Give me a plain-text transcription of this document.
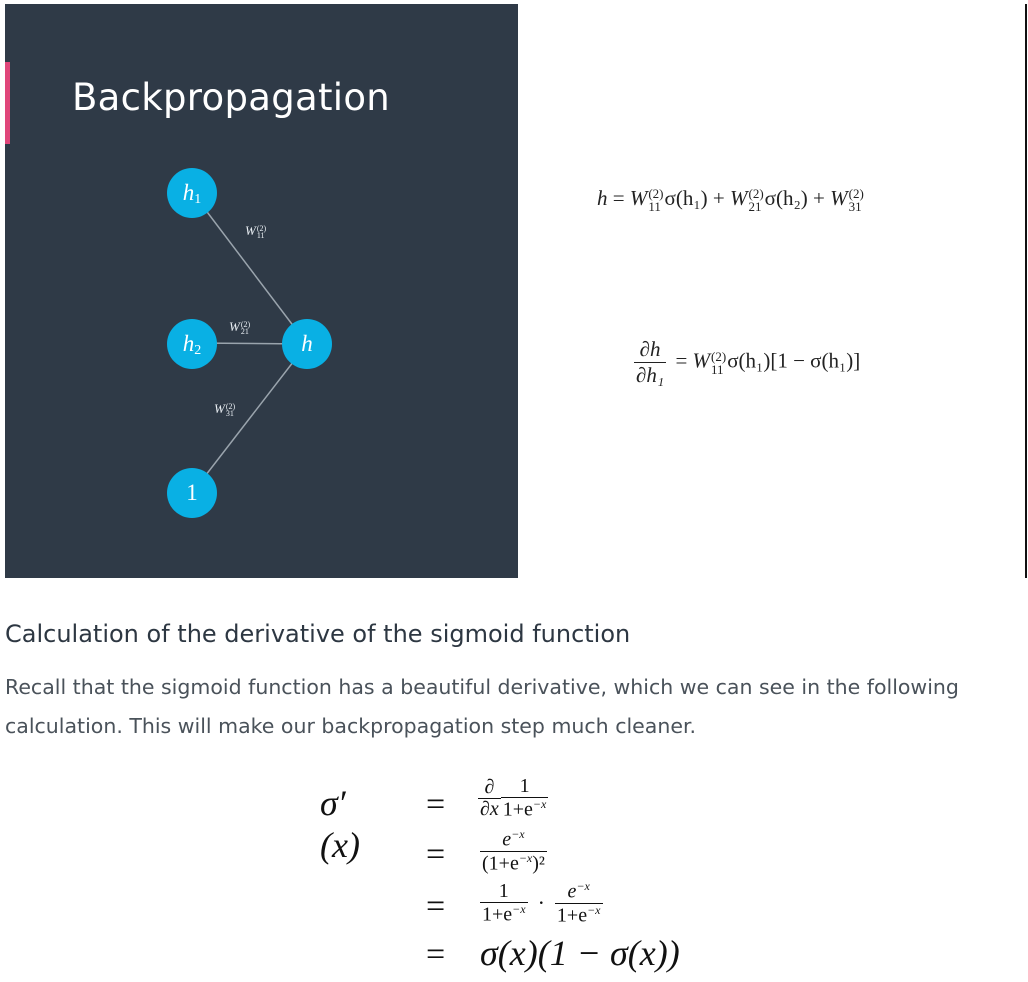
Backpropagation
h 1
h 2	h
1
W (2)
11
W (2)
21
W (2)
31
h = W (2)
11 σ(h₁) + W (2)
21 σ(h₂) + W (2)
31
$\frac{\partial h}{\text{∂h₁}} = W$ (2)
11 σ(h₁)[1 − σ(h₁)]
Calculation of the derivative of the sigmoid function

Recall that the sigmoid function has a beautiful derivative, which we can see in the following calculation. This will make our backpropagation step much cleaner.

σ′(x)
= $\frac{\partial}{\partial x} \frac{1}{1+e^{-x}}$
= $\frac{e^{-x}}{(1+e^{-x})^2}$
= $\frac{1}{1+e^{-x}} \cdot \frac{e^{-x}}{1+e^{-x}}$
= σ(x)(1 − σ(x))
